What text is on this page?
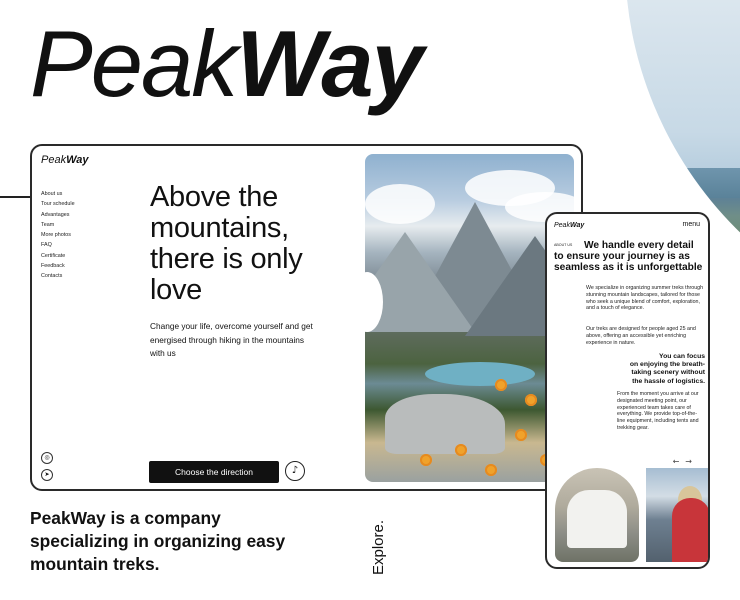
PeakWay
PeakWay
About us
Tour schedule
Advantages
Team
More photos
FAQ
Certificate
Feedback
Contacts
Above the mountains, there is only love

Change your life, overcome yourself and get energised through hiking in the mountains with us

◎
➤	Choose the direction	♪
PeakWay	menu
ABOUT US	We handle every detail to ensure your journey is as seamless as it is unforgettable

We specialize in organizing summer treks through stunning mountain landscapes, tailored for those who seek a unique blend of comfort, exploration, and a touch of elegance.

Our treks are designed for people aged 25 and above, offering an accessible yet enriching experience in nature.

You can focus
on enjoying the breath-
taking scenery without
the hassle of logistics.

From the moment you arrive at our designated meeting point, our experienced team takes care of everything. We provide top-of-the-line equipment, including tents and trekking gear.

←→

PeakWay is a company specializing in organizing easy mountain treks.	Explore.
